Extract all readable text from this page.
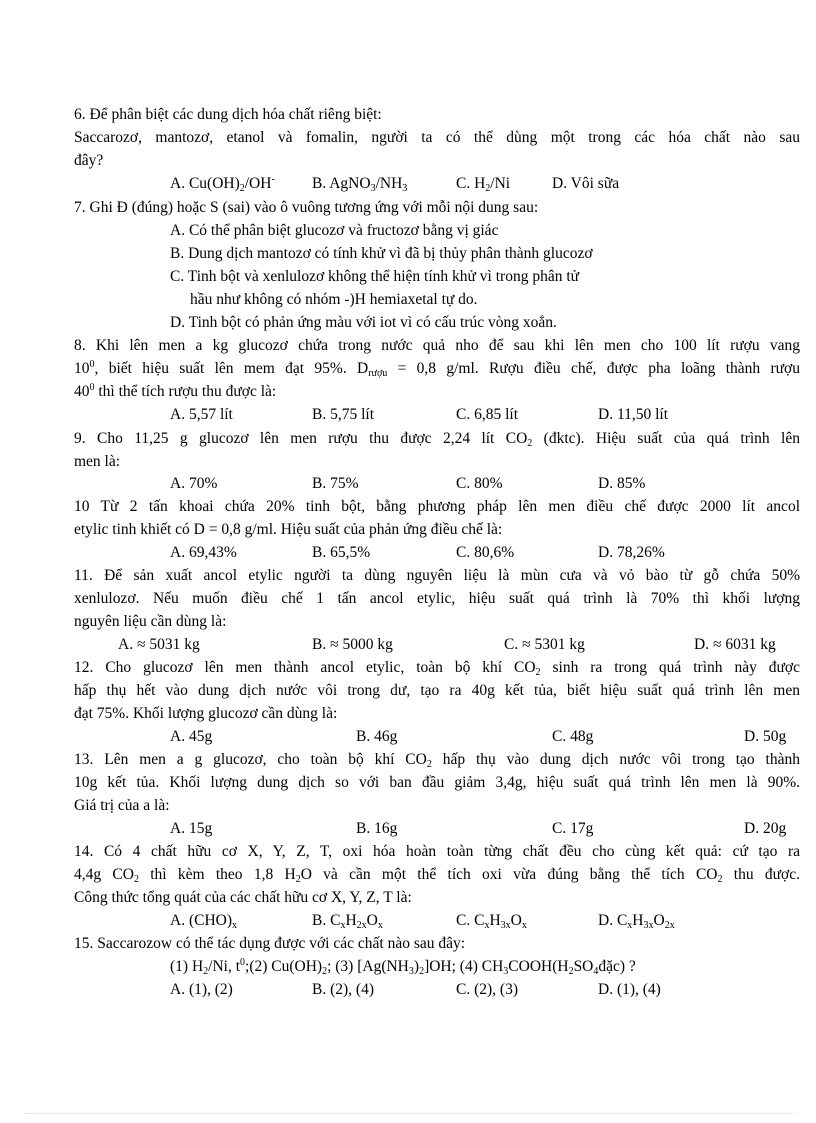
6. Để phân biệt các dung dịch hóa chất riêng biệt:
Saccarozơ, mantozơ, etanol và fomalin, người ta có thể dùng một trong các hóa chất nào sau
đây?
A. $Cu(OH)_2/OH^-$ B. $AgNO_3/NH_3$	C. $H_2/Ni$	D. Vôi sữa
7. Ghi Đ (đúng) hoặc S (sai) vào ô vuông tương ứng với mỗi nội dung sau:
A. Có thể phân biệt glucozơ và fructozơ bằng vị giác
B. Dung dịch mantozơ có tính khử vì đã bị thủy phân thành glucozơ
C. Tinh bột và xenlulozơ không thể hiện tính khử vì trong phân tử
hầu như không có nhóm -)H hemiaxetal tự do.
D. Tinh bột có phản ứng màu với iot vì có cấu trúc vòng xoắn.
8. Khi lên men a kg glucozơ chứa trong nước quả nho để sau khi lên men cho 100 lít rượu vang
$10^0$, biết hiệu suất lên mem đạt 95%. $D_{rượu} = 0,8$ g/ml. Rượu điều chế, được pha loãng thành rượu
$40^0$ thì thể tích rượu thu được là:
A. 5,57 lít	B. 5,75 lít	C. 6,85 lít	D. 11,50 lít
9. Cho 11,25 g glucozơ lên men rượu thu được 2,24 lít $CO_2$ (đktc). Hiệu suất của quá trình lên
men là:
A. 70%	B. 75%	C. 80%	D. 85%
10 Từ 2 tấn khoai chứa 20% tinh bột, bằng phương pháp lên men điều chế được 2000 lít ancol
etylic tinh khiết có D = 0,8 g/ml. Hiệu suất của phản ứng điều chế là:
A. 69,43%	B. 65,5%	C. 80,6%	D. 78,26%
11. Để sản xuất ancol etylic người ta dùng nguyên liệu là mùn cưa và vỏ bào từ gỗ chứa 50%
xenlulozơ. Nếu muốn điều chế 1 tấn ancol etylic, hiệu suất quá trình là 70% thì khối lượng
nguyên liệu cần dùng là:
A. ≈ 5031 kg	B. ≈ 5000 kg	C. ≈ 5301 kg	D. ≈ 6031 kg
12. Cho glucozơ lên men thành ancol etylic, toàn bộ khí $CO_2$ sinh ra trong quá trình này được
hấp thụ hết vào dung dịch nước vôi trong dư, tạo ra 40g kết tủa, biết hiệu suất quá trình lên men
đạt 75%. Khối lượng glucozơ cần dùng là:
A. 45g	B. 46g	C. 48g	D. 50g
13. Lên men a g glucozơ, cho toàn bộ khí $CO_2$ hấp thụ vào dung dịch nước vôi trong tạo thành
10g kết tủa. Khối lượng dung dịch so với ban đầu giảm 3,4g, hiệu suất quá trình lên men là 90%.
Giá trị của a là:
A. 15g	B. 16g	C. 17g	D. 20g
14. Có 4 chất hữu cơ X, Y, Z, T, oxi hóa hoàn toàn từng chất đều cho cùng kết quả: cứ tạo ra
4,4g $CO_2$ thì kèm theo 1,8 $H_2O$ và cần một thể tích oxi vừa đúng bằng thể tích $CO_2$ thu được.
Công thức tổng quát của các chất hữu cơ X, Y, Z, T là:
A. $(CHO)_x$	B. $C_xH_{2x}O_x$	C. $C_xH_{3x}O_x$	D. $C_xH_{3x}O_{2x}$
15. Saccarozow có thể tác dụng được với các chất nào sau đây:
(1) $H_2/Ni$, $t^0;(2)$ $Cu(OH)_2$; (3) $[Ag(NH_3)_2]OH$; (4) $CH_3COOH(H_2SO_4đặc)$ ?
A. (1), (2)	B. (2), (4)	C. (2), (3)	D. (1), (4)
